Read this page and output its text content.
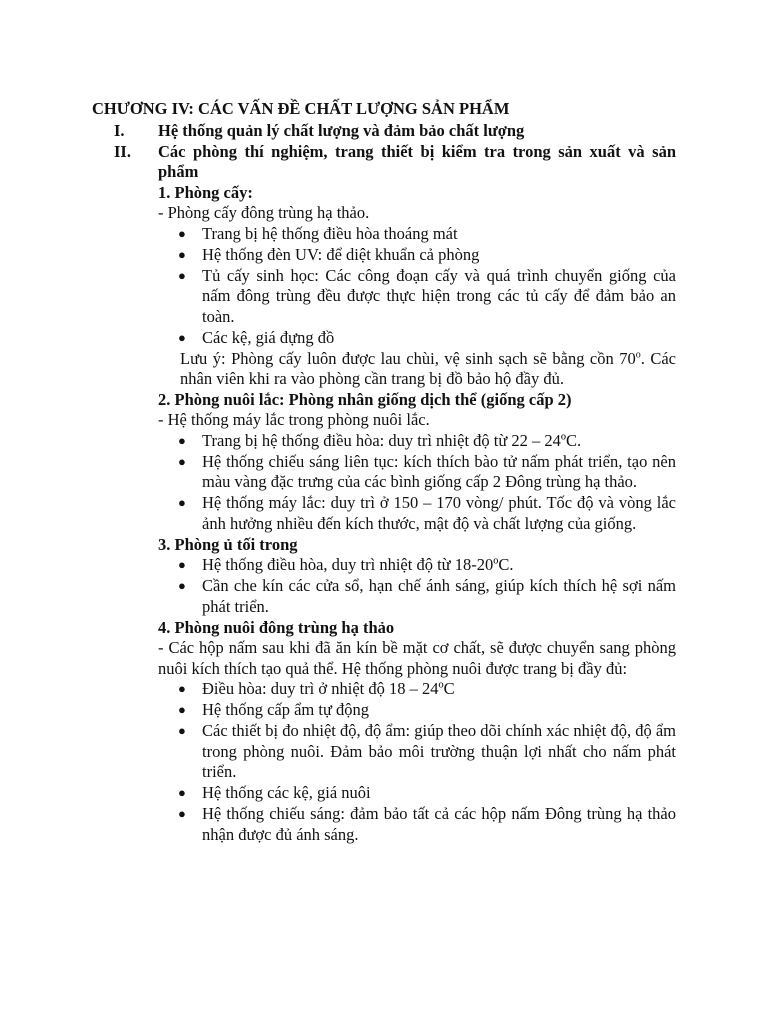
CHƯƠNG IV: CÁC VẤN ĐỀ CHẤT LƯỢNG SẢN PHẨM
I.	Hệ thống quản lý chất lượng và đảm bảo chất lượng
II.	Các phòng thí nghiệm, trang thiết bị kiểm tra trong sản xuất và sản phẩm
1. Phòng cấy:
- Phòng cấy đông trùng hạ thảo.
● Trang bị hệ thống điều hòa thoáng mát
● Hệ thống đèn UV: để diệt khuẩn cả phòng
● Tủ cấy sinh học: Các công đoạn cấy và quá trình chuyển giống của nấm đông trùng đều được thực hiện trong các tủ cấy để đảm bảo an toàn.
● Các kệ, giá đựng đồ
Lưu ý: Phòng cấy luôn được lau chùi, vệ sinh sạch sẽ bằng cồn 70$^o$. Các nhân viên khi ra vào phòng cần trang bị đồ bảo hộ đầy đủ.
2. Phòng nuôi lắc: Phòng nhân giống dịch thể (giống cấp 2)
- Hệ thống máy lắc trong phòng nuôi lắc.
● Trang bị hệ thống điều hòa: duy trì nhiệt độ từ 22 – 24ºC.
● Hệ thống chiếu sáng liên tục: kích thích bào tử nấm phát triển, tạo nên màu vàng đặc trưng của các bình giống cấp 2 Đông trùng hạ thảo.
● Hệ thống máy lắc: duy trì ở 150 – 170 vòng/ phút. Tốc độ và vòng lắc ảnh hưởng nhiều đến kích thước, mật độ và chất lượng của giống.
3. Phòng ủ tối trong
● Hệ thống điều hòa, duy trì nhiệt độ từ 18-20ºC.
● Cần che kín các cửa sổ, hạn chế ánh sáng, giúp kích thích hệ sợi nấm phát triển.
4. Phòng nuôi đông trùng hạ thảo
- Các hộp nấm sau khi đã ăn kín bề mặt cơ chất, sẽ được chuyển sang phòng nuôi kích thích tạo quả thể. Hệ thống phòng nuôi được trang bị đầy đủ:
● Điều hòa: duy trì ở nhiệt độ 18 – 24ºC
● Hệ thống cấp ẩm tự động
● Các thiết bị đo nhiệt độ, độ ẩm: giúp theo dõi chính xác nhiệt độ, độ ẩm trong phòng nuôi. Đảm bảo môi trường thuận lợi nhất cho nấm phát triển.
● Hệ thống các kệ, giá nuôi
● Hệ thống chiếu sáng: đảm bảo tất cả các hộp nấm Đông trùng hạ thảo nhận được đủ ánh sáng.
